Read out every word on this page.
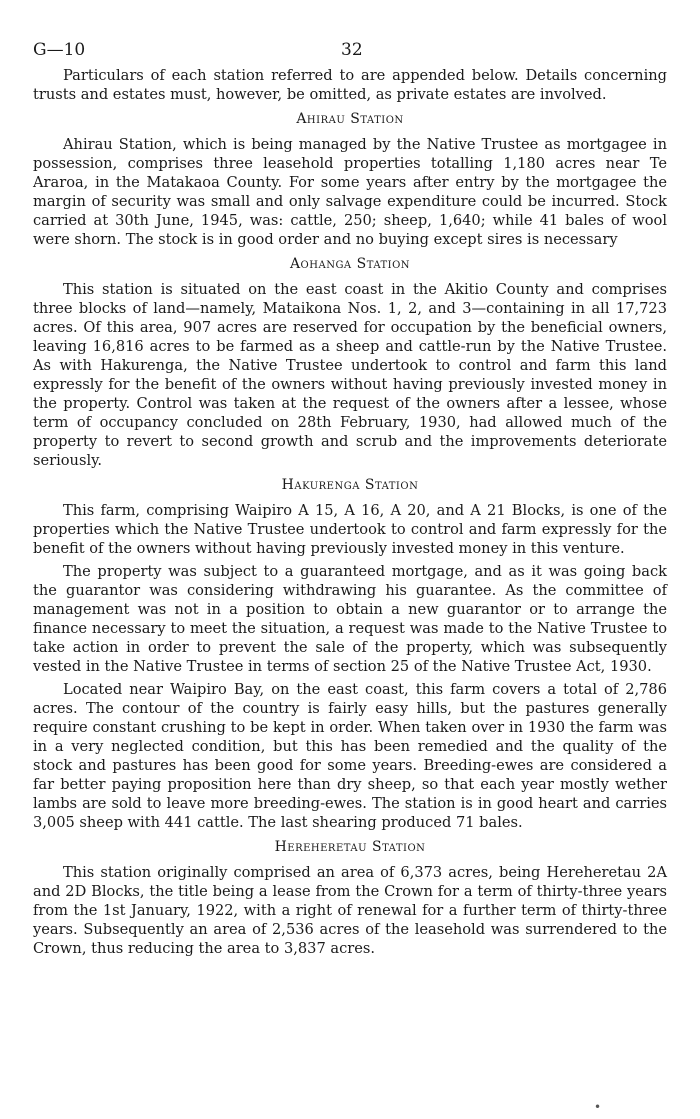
G—10	32

Particulars of each station referred to are appended below. Details concerning trusts and estates must, however, be omitted, as private estates are involved.

Ahirau Station

Ahirau Station, which is being managed by the Native Trustee as mortgagee in possession, comprises three leasehold properties totalling 1,180 acres near Te Araroa, in the Matakaoa County. For some years after entry by the mortgagee the margin of security was small and only salvage expenditure could be incurred. Stock carried at 30th June, 1945, was: cattle, 250; sheep, 1,640; while 41 bales of wool were shorn. The stock is in good order and no buying except sires is necessary

Aohanga Station

This station is situated on the east coast in the Akitio County and comprises three blocks of land—namely, Mataikona Nos. 1, 2, and 3—containing in all 17,723 acres. Of this area, 907 acres are reserved for occupation by the beneficial owners, leaving 16,816 acres to be farmed as a sheep and cattle-run by the Native Trustee. As with Hakurenga, the Native Trustee undertook to control and farm this land expressly for the benefit of the owners without having previously invested money in the property. Control was taken at the request of the owners after a lessee, whose term of occupancy concluded on 28th February, 1930, had allowed much of the property to revert to second growth and scrub and the improvements deteriorate seriously.

Hakurenga Station

This farm, comprising Waipiro A 15, A 16, A 20, and A 21 Blocks, is one of the properties which the Native Trustee undertook to control and farm expressly for the benefit of the owners without having previously invested money in this venture.

The property was subject to a guaranteed mortgage, and as it was going back the guarantor was considering withdrawing his guarantee. As the committee of management was not in a position to obtain a new guarantor or to arrange the finance necessary to meet the situation, a request was made to the Native Trustee to take action in order to prevent the sale of the property, which was subsequently vested in the Native Trustee in terms of section 25 of the Native Trustee Act, 1930.

Located near Waipiro Bay, on the east coast, this farm covers a total of 2,786 acres. The contour of the country is fairly easy hills, but the pastures generally require constant crushing to be kept in order. When taken over in 1930 the farm was in a very neglected condition, but this has been remedied and the quality of the stock and pastures has been good for some years. Breeding-ewes are considered a far better paying proposition here than dry sheep, so that each year mostly wether lambs are sold to leave more breeding-ewes. The station is in good heart and carries 3,005 sheep with 441 cattle. The last shearing produced 71 bales.

Hereheretau Station

This station originally comprised an area of 6,373 acres, being Hereheretau 2A and 2D Blocks, the title being a lease from the Crown for a term of thirty-three years from the 1st January, 1922, with a right of renewal for a further term of thirty-three years. Subsequently an area of 2,536 acres of the leasehold was surrendered to the Crown, thus reducing the area to 3,837 acres.

•
